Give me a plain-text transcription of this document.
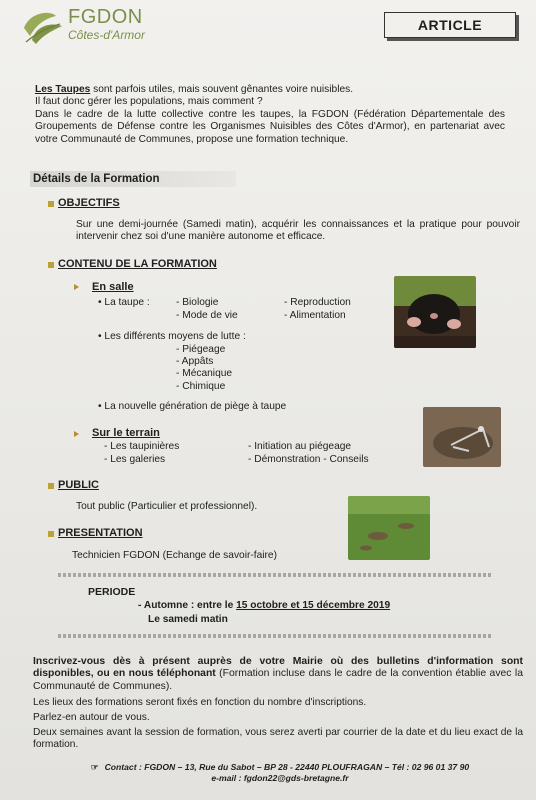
FGDON
Côtes-d'Armor
ARTICLE
Les Taupes sont parfois utiles, mais souvent gênantes voire nuisibles.
Il faut donc gérer les populations, mais comment ?
Dans le cadre de la lutte collective contre les taupes, la FGDON (Fédération Départementale des Groupements de Défense contre les Organismes Nuisibles des Côtes d'Armor), en partenariat avec votre Communauté de Communes, propose une formation technique.
Détails de la Formation
OBJECTIFS
Sur une demi-journée (Samedi matin), acquérir les connaissances et la pratique pour pouvoir intervenir chez soi d'une manière autonome et efficace.
CONTENU DE LA FORMATION
En salle
• La taupe :	- Biologie
- Mode de vie
- Reproduction
- Alimentation
• Les différents moyens de lutte :
- Piégeage
- Appâts
- Mécanique
- Chimique
• La nouvelle génération de piège à taupe
Sur le terrain
- Les taupinières
- Les galeries
- Initiation au piégeage
- Démonstration - Conseils
PUBLIC
Tout public (Particulier et professionnel).
PRESENTATION
Technicien FGDON (Echange de savoir-faire)
PERIODE
- Automne : entre le 15 octobre et 15 décembre 2019
Le samedi matin
Inscrivez-vous dès à présent auprès de votre Mairie où des bulletins d'information sont disponibles, ou en nous téléphonant (Formation incluse dans le cadre de la convention établie avec la Communauté de Communes).
Les lieux des formations seront fixés en fonction du nombre d'inscriptions.
Parlez-en autour de vous.
Deux semaines avant la session de formation, vous serez averti par courrier de la date et du lieu exact de la formation.
☞ Contact : FGDON – 13, Rue du Sabot – BP 28 - 22440 PLOUFRAGAN – Tél : 02 96 01 37 90
e-mail : fgdon22@gds-bretagne.fr
